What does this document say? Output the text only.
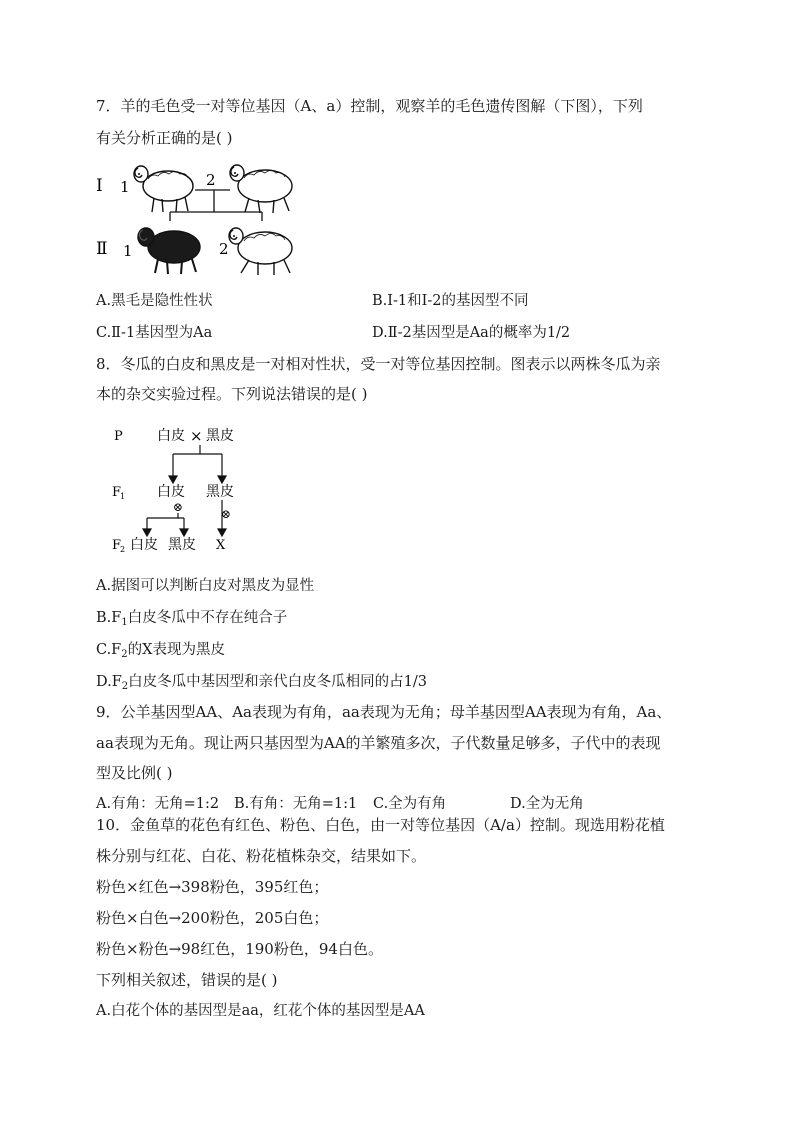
7．羊的毛色受一对等位基因（A、a）控制，观察羊的毛色遗传图解（下图），下列
有关分析正确的是( )
Ⅰ 1	2
Ⅱ 1	2
A.黑毛是隐性性状	B.Ⅰ-1和Ⅰ-2的基因型不同
C.Ⅱ-1基因型为Aa	D.Ⅱ-2基因型是Aa的概率为1/2
8．冬瓜的白皮和黑皮是一对相对性状，受一对等位基因控制。图表示以两株冬瓜为亲
本的杂交实验过程。下列说法错误的是( )
P 白皮 × 黑皮
F
1 白皮 黑皮
⊗	⊗
F
2 白皮 黑皮 X
A.据图可以判断白皮对黑皮为显性
$B.F_1$白皮冬瓜中不存在纯合子
$C.F_2$的X表现为黑皮
$D.F_2$白皮冬瓜中基因型和亲代白皮冬瓜相同的占1/3
9．公羊基因型AA、Aa表现为有角，aa表现为无角；母羊基因型AA表现为有角，Aa、
aa表现为无角。现让两只基因型为AA的羊繁殖多次，子代数量足够多，子代中的表现
型及比例( )
A.有角：无角=1:2 B.有角：无角=1:1 C.全为有角	D.全为无角
10．金鱼草的花色有红色、粉色、白色，由一对等位基因（A/a）控制。现选用粉花植
株分别与红花、白花、粉花植株杂交，结果如下。
粉色×红色→398粉色，395红色；
粉色×白色→200粉色，205白色；
粉色×粉色→98红色，190粉色，94白色。
下列相关叙述，错误的是( )
A.白花个体的基因型是aa，红花个体的基因型是AA
